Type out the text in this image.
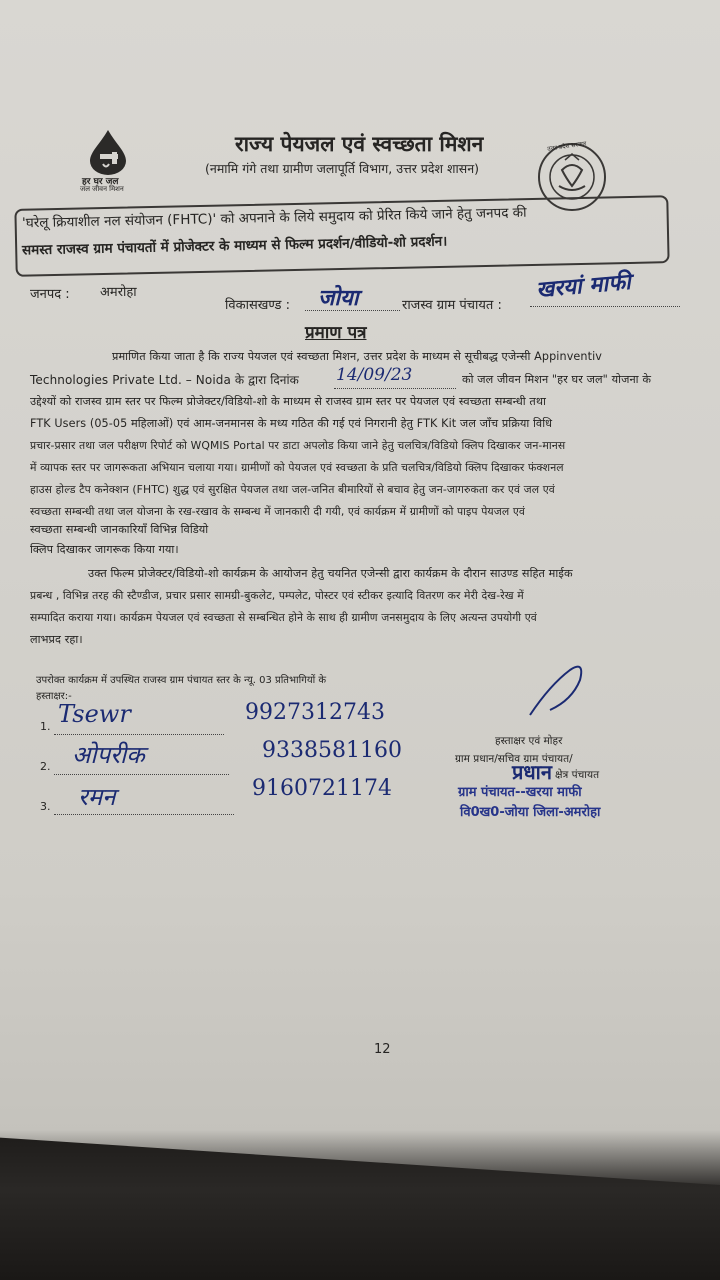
हर घर जल
जल जीवन मिशन
राज्य पेयजल एवं स्वच्छता मिशन
(नमामि गंगे तथा ग्रामीण जलापूर्ति विभाग, उत्तर प्रदेश शासन)
उत्तर प्रदेश सरकार
'घरेलू क्रियाशील नल संयोजन (FHTC)' को अपनाने के लिये समुदाय को प्रेरित किये जाने हेतु जनपद की
समस्त राजस्व ग्राम पंचायतों में प्रोजेक्टर के माध्यम से फिल्म प्रदर्शन/वीडियो-शो प्रदर्शन।
जनपद : अमरोहा
विकासखण्ड : जोया	राजस्व ग्राम पंचायत :
खरयां माफी
प्रमाण पत्र
प्रमाणित किया जाता है कि राज्य पेयजल एवं स्वच्छता मिशन, उत्तर प्रदेश के माध्यम से सूचीबद्ध एजेन्सी Appinventiv
Technologies Private Ltd. – Noida के द्वारा दिनांक 14/09/23	को जल जीवन मिशन "हर घर जल" योजना के
उद्देश्यों को राजस्व ग्राम स्तर पर फिल्म प्रोजेक्टर/विडियो-शो के माध्यम से राजस्व ग्राम स्तर पर पेयजल एवं स्वच्छता सम्बन्धी तथा
FTK Users (05-05 महिलाओं) एवं आम-जनमानस के मध्य गठित की गई एवं निगरानी हेतु FTK Kit जल जाँच प्रक्रिया विधि
प्रचार-प्रसार तथा जल परीक्षण रिपोर्ट को WQMIS Portal पर डाटा अपलोड किया जाने हेतु चलचित्र/विडियो क्लिप दिखाकर जन-मानस
में व्यापक स्तर पर जागरूकता अभियान चलाया गया। ग्रामीणों को पेयजल एवं स्वच्छता के प्रति चलचित्र/विडियो क्लिप दिखाकर फंक्शनल
हाउस होल्ड टैप कनेक्शन (FHTC) शुद्ध एवं सुरक्षित पेयजल तथा जल-जनित बीमारियों से बचाव हेतु जन-जागरुकता कर एवं जल एवं
स्वच्छता सम्बन्धी तथा जल योजना के रख-रखाव के सम्बन्ध में जानकारी दी गयी, एवं कार्यक्रम में ग्रामीणों को पाइप पेयजल एवं
स्वच्छता सम्बन्धी जानकारियाँ विभिन्न विडियो
क्लिप दिखाकर जागरूक किया गया।
उक्त फिल्म प्रोजेक्टर/विडियो-शो कार्यक्रम के आयोजन हेतु चयनित एजेन्सी द्वारा कार्यक्रम के दौरान साउण्ड सहित माईक
प्रबन्ध , विभिन्न तरह की स्टैण्डीज, प्रचार प्रसार सामग्री-बुकलेट, पम्पलेट, पोस्टर एवं स्टीकर इत्यादि वितरण कर मेरी देख-रेख में
सम्पादित कराया गया। कार्यक्रम पेयजल एवं स्वच्छता से सम्बन्धित होने के साथ ही ग्रामीण जनसमुदाय के लिए अत्यन्त उपयोगी एवं
लाभप्रद रहा।
उपरोक्त कार्यक्रम में उपस्थित राजस्व ग्राम पंचायत स्तर के न्यू. 03 प्रतिभागियों के
हस्ताक्षर:-
1. Tsewr	9927312743
2. ओपरीक	9338581160
3. रमन	9160721174
हस्ताक्षर एवं मोहर
ग्राम प्रधान/सचिव ग्राम पंचायत/
क्षेत्र पंचायत
प्रधान
ग्राम पंचायत--खरया माफी
वि0ख0-जोया जिला-अमरोहा
12
